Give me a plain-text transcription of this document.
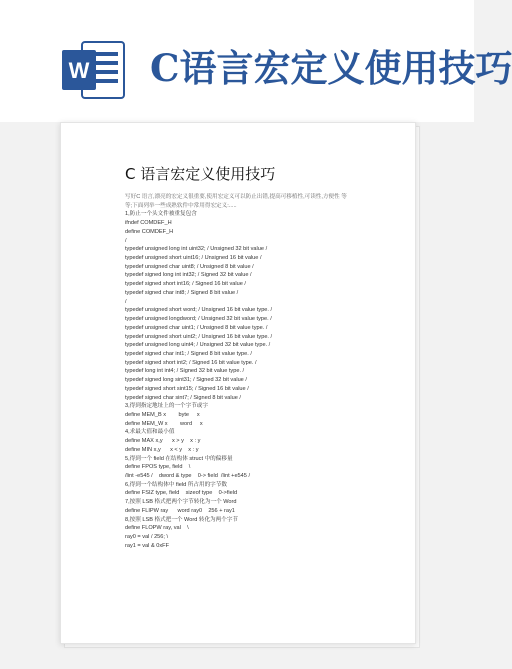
W C语言宏定义使用技巧
C 语言宏定义使用技巧
写好C 语言,漂亮的宏定义很重要,使用宏定义可以防止出错,提高可移植性,可读性,方便性 等
等;下面列举一些成熟软件中常用得宏定义:.....
1,防止一个头文件被重复包含
ifndef COMDEF_H
define COMDEF_H
/
typedef unsigned long int uint32; / Unsigned 32 bit value /
typedef unsigned short uint16; / Unsigned 16 bit value /
typedef unsigned char uint8; / Unsigned 8 bit value /
typedef signed long int int32; / Signed 32 bit value /
typedef signed short int16; / Signed 16 bit value /
typedef signed char int8; / Signed 8 bit value /
/
typedef unsigned short word; / Unsigned 16 bit value type. /
typedef unsigned longdword; / Unsigned 32 bit value type. /
typedef unsigned char uint1; / Unsigned 8 bit value type. /
typedef unsigned short uint2; / Unsigned 16 bit value type. /
typedef unsigned long uint4; / Unsigned 32 bit value type. /
typedef signed char int1; / Signed 8 bit value type. /
typedef signed short int2; / Signed 16 bit value type. /
typedef long int int4; / Signed 32 bit value type. /
typedef signed long sint31; / Signed 32 bit value /
typedef signed short sint15; / Signed 16 bit value /
typedef signed char sint7; / Signed 8 bit value /
3,得到指定地址上的一个字节或字
define MEM_B x        byte     x
define MEM_W x        word     x
4,求最大值和最小值
define MAX x,y      x > y    x : y
define MIN x,y      x < y    x : y
5,得到一个 field 在结构体 struct 中的偏移量
define FPOS type, field    \
/lint -e545 /    dword & type    0-> field  /lint +e545 /
6,得到一个结构体中 field 所占用的字节数
define FSIZ type, field    sizeof type    0->field
7,按照 LSB 格式把两个字节转化为一个 Word
define FLIPW ray      word ray0    256 + ray1
8,按照 LSB 格式把一个 Word 转化为两个字节
define FLOPW ray, val    \
ray0 = val / 256; \
ray1 = val & 0xFF
